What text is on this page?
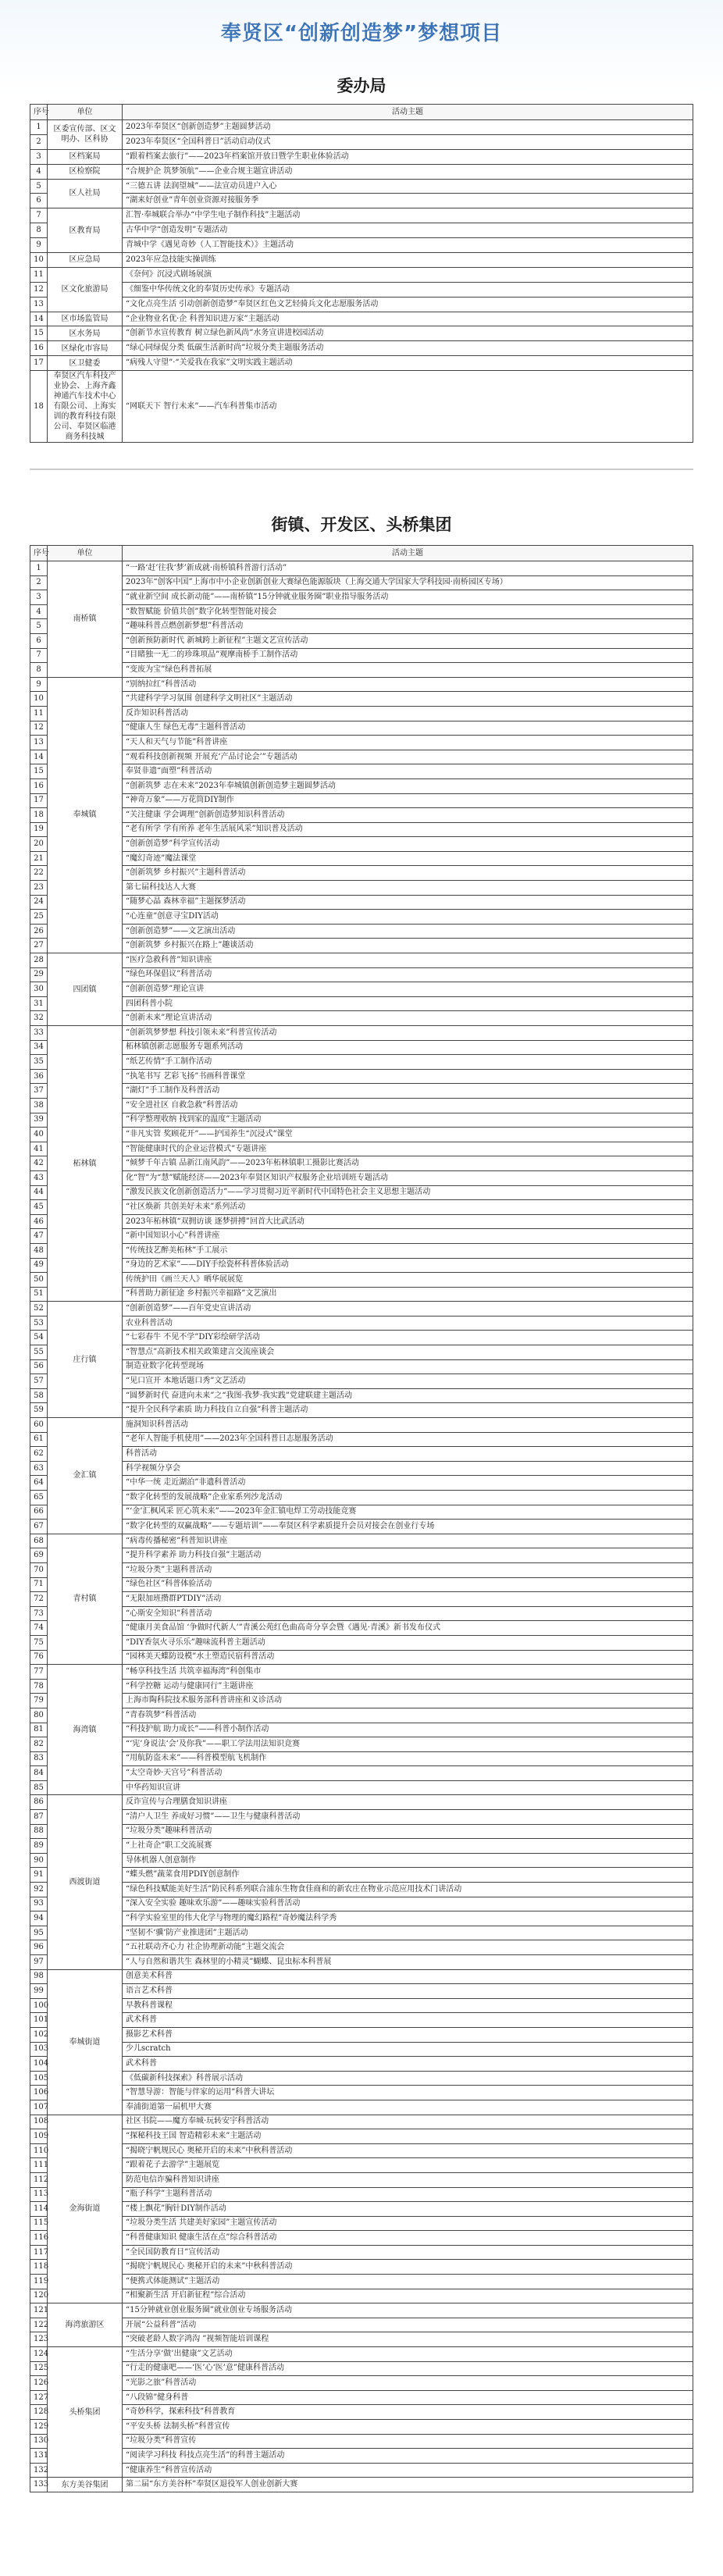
奉贤区“创新创造梦”梦想项目
委办局
序号	单位	活动主题
1	区委宣传部、区文明办、区科协	2023年奉贤区“创新创造梦”主题圆梦活动
2		2023年奉贤区“全国科普日”活动启动仪式
3	区档案局	“跟着档案去旅行”——2023年档案馆开放日暨学生职业体验活动
4	区检察院	“合规护企 筑梦领航”——企业合规主题宣讲活动
5	区人社局	“三德五讲 法润望城”——法宣动员进户入心
6		“湖来好创业”青年创业资源对接服务季
7	区教育局	汇智·奉城联合举办“中学生电子制作科技”主题活动
8		古华中学“创造发明”专题活动
9		青城中学《遇见奇妙（人工智能技术）》主题活动
10	区应急局	2023年应急技能实操训练
11	区文化旅游局	《奈何》沉浸式剧场展演
12		《细鉴中华传统文化的奉贤历史传承》专题活动
13		“文化点亮生活 引动创新创造梦”奉贤区红色文艺轻骑兵文化志愿服务活动
14	区市场监管局	“企业物业名优·企 科普知识进万家”主题活动
15	区水务局	“创新节水宣传教育 树立绿色新风尚”水务宣讲进校园活动
16	区绿化市容局	“绿心同绿促分类 低碳生活新时尚”垃圾分类主题服务活动
17	区卫健委	“病残人守望”·“关爱我在我家”文明实践主题活动
18	奉贤区汽车科技产业协会、上海齐鑫神通汽车技术中心有限公司、上海实训的教育科技有限公司、奉贤区临港商务科技城	“网联天下 智行未来”——汽车科普集市活动
街镇、开发区、头桥集团
序号	单位	活动主题
1	南桥镇	“一路‘赶’往我‘梦’新成就·南桥镇科普游行活动”
2		2023年“创客中国”上海市中小企业创新创业大赛绿色能源版块（上海交通大学国家大学科技园·南桥园区专场）
3		“就业新空间 成长新动能”——南桥镇“15分钟就业服务圈”职业指导服务活动
4		“数智赋能 价值共创”数字化转型智能对接会
5		“趣味科普点燃创新梦想”科普活动
6		“创新预防新时代 新城跨上新征程”主题文艺宣传活动
7		“目睹独一无二的珍珠项品”观摩南桥手工制作活动
8		“变废为宝”绿色科普拓展
9	奉城镇	“别纳拉红”科普活动
10		“共建科学学习氛围 创建科学文明社区”主题活动
11		反诈知识科普活动
12		“健康人生 绿色无毒”主题科普活动
13		“天人和天气与节能”科普讲座
14		“观看科技创新视频 开展充‘产品讨论会’”专题活动
15		奉贤非遗“面塑”科普活动
16		“创新筑梦 志在未来”2023年奉城镇创新创造梦主题圆梦活动
17		“神奇万象”——万花筒DIY制作
18		“关注健康 学会调理”创新创造梦知识科普活动
19		“老有所学 学有所养 老年生活展风采”知识普及活动
20		“创新创造梦”科学宣传活动
21		“魔幻奇迹”魔法课堂
22		“创新筑梦 乡村振兴”主题科普活动
23		第七届科技达人大赛
24		“随梦心晶 森林幸福”主题探梦活动
25		“心连童”创意寻宝DIY活动
26		“创新创造梦”——文艺演出活动
27		“创新筑梦 乡村振兴在路上”趣谈活动
28	四团镇	“医疗急救科普”知识讲座
29		“绿色环保倡议”科普活动
30		“创新创造梦”理论宣讲
31		四团科普小院
32		“创新未来”理论宣讲活动
33	柘林镇	“创新筑梦梦想 科技引领未来”科普宣传活动
34		柘林镇创新志愿服务专题系列活动
35		“纸艺传情”手工制作活动
36		“执笔书写 艺彩飞扬”书画科普课堂
37		“湖灯”手工制作及科普活动
38		“安全进社区 自救急救”科普活动
39		“科学整理收纳 找到家的温度”主题活动
40		“非凡实管 奖顾花开”——护国养生“沉浸式”课堂
41		“智能健康时代的企业运营模式”专题讲座
42		“倾梦千年古镇 品新江南风韵”——2023年柘林镇职工摄影比赛活动
43		化“智”为“慧”赋能经济——2023年奉贤区知识产权服务企业培训班专题活动
44		“激发民族文化创新创造活力”——学习贯彻习近平新时代中国特色社会主义思想主题活动
45		“社区焕新 共创美好未来”系列活动
46		2023年柘林镇“双拥访谈 逐梦拼搏”回首大比武活动
47		“新中国知识小心”科普讲座
48		“传统技艺醉美柘林”手工展示
49		“身边的艺术家”——DIY手绘瓷杯科普体验活动
50		传统护田《画兰天人》晒华展展览
51		“科普助力新征途 乡村振兴幸福路”文艺演出
52	庄行镇	“创新创造梦”——百年党史宣讲活动
53		农业科普活动
54		“七彩春牛 不见不学”DIY彩绘研学活动
55		“智慧点”高新技术相关政策建言交流座谈会
56		制造业数字化转型现场
57		“见口宣开 本地话题口秀”文艺活动
58		“圆梦新时代 奋进向未来”之“我图·我梦·我实践”党建联建主题活动
59		“提升全民科学素质 助力科技自立自强”科普主题活动
60	金汇镇	施洞知识科普活动
61		“老年人智能手机使用”——2023年全国科普日志愿服务活动
62		科普活动
63		科学视频分享会
64		“中华一统 走近湖泊”非遗科普活动
65		“数字化转型的发展战略”企业家系列沙龙活动
66		“‘金’汇枫风采 匠心筑未来”——2023年金汇镇电焊工劳动技能竞赛
67		“数字化转型的双赢战略”——专题培训”——奉贤区科学素质提升会员对接会在创业行专场
68	青村镇	“病毒传播秘密”科普知识讲座
69		“提升科学素养 助力科技自强”主题活动
70		“垃圾分类”主题科普活动
71		“绿色社区”科普体验活动
72		“无限加班攒群PTDIY”活动
73		“心斯安全知识”科普活动
74		“健康月美食品馆 ‘争做时代新人’”青溪公苑红色曲高奇分享会暨《遇见·青溪》新书发布仪式
75		“DIY香氛火寻乐乐”趣味流科普主题活动
76		“园林美天蝶防设模”水土塑造民宿科普活动
77	海湾镇	“畅享科技生活 共筑幸福海湾”科创集市
78		“科学控糖 运动与健康同行”主题讲座
79		上海市陶科院技术服务部科普讲座和义诊活动
80		“青春筑梦”科普活动
81		“科技护航 助力成长”——科普小制作活动
82		“‘宪’身说法‘会’及你我”——职工学法用法知识竞赛
83		“用航防盗未来”——科普模型航飞机制作
84		“太空奇妙·天宫号”科普活动
85		中华药知识宣讲
86	西渡街道	反诈宣传与合理膳食知识讲座
87		“清户人卫生 养成好习惯”——卫生与健康科普活动
88		“垃圾分类”趣味科普活动
89		“上社奇企”职工交流展赛
90		导体机器人创意制作
91		“蝶头燃”蔬菜食用PDIY创意制作
92		“绿色科技赋能美好生活”防民科系列联合浦东生物食佳商和的新农庄在物业示范应用技术门讲活动
93		“深入安全实验 趣味欢乐游”——趣味实验科普活动
94		“科学实验室里的伟大化学与物理的魔幻路程”奇妙魔法科学秀
95		“坚韧不‘骥’防产业推进团”主题活动
96		“五社联动齐心力 社企协理新动能”主题交流会
97		“人与自然和谐共生 森林里的小精灵”蝴蝶、昆虫标本科普展
98	奉城街道	创意美术科普
99		语言艺术科普
100		早教科普课程
101		武术科普
102		摄影艺术科普
103		少儿scratch
104		武术科普
105		《低碳新科技探索》科普展示活动
106		“智慧导游：智能与伴家的运用”科普大讲坛
107		奉浦街道第一届机甲大赛
108	金海街道	社区书院——魔方奉城·玩转安宇科普活动
109		“探秘科技王国 智造精彩未来”主题活动
110		“揭晓宁帆规民心 奥秘开启的未来”中秋科普活动
111		“跟着花子去游学”主题展览
112		防范电信诈骗科普知识讲座
113		“瓶子科学”主题科普活动
114		“楼上飘花”胸针DIY制作活动
115		“垃圾分类生活 共建美好家园”主题宣传活动
116		“科普健康知识 健康生活在点”综合科普活动
117		“全民国防教育日”宣传活动
118		“揭晓宁帆规民心 奥秘开启的未来”中秋科普活动
119		“便携式体能测试”主题活动
120		“相聚新生活 开启新征程”综合活动
121	海湾旅游区	“15分钟就业创业服务圈”就业创业专场服务活动
122		开展“公益科普”活动
123		“突破老龄人数字鸿沟 ”视频智能培训课程
124	头桥集团	“生活分享‘做’出健康”文艺活动
125		“行走的健康吧——‘医’心‘医’意”健康科普活动
126		“光影之旅”科普活动
127		“八段锦”健身科普
128		“奇妙科学，探索科技”科普教育
129		“平安头桥 法制头桥”科普宣传
130		“垃圾分类”科普宣传
131		“阅读学习科技 科技点亮生活”的科普主题活动
132		“健康养生”科普宣传活动
133	东方美谷集团	第二届“东方美谷杯”奉贤区退役军人创业创新大赛
